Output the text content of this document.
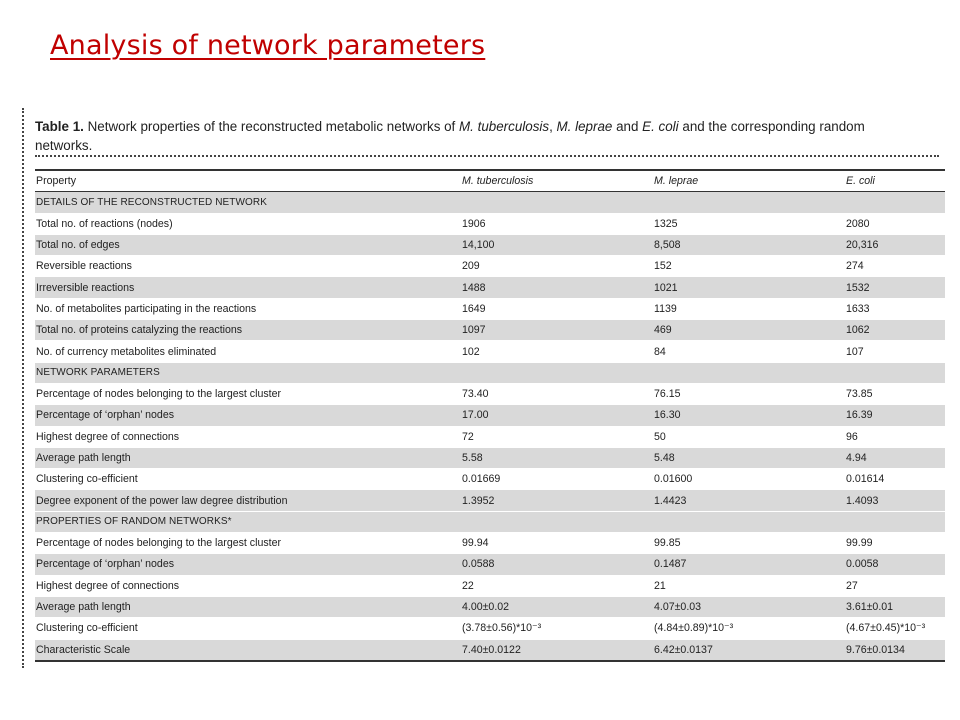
Analysis of network parameters
Table 1. Network properties of the reconstructed metabolic networks of M. tuberculosis, M. leprae and E. coli and the corresponding random networks.
Property	M. tuberculosis	M. leprae	E. coli
DETAILS OF THE RECONSTRUCTED NETWORK			
Total no. of reactions (nodes)	1906	1325	2080
Total no. of edges	14,100	8,508	20,316
Reversible reactions	209	152	274
Irreversible reactions	1488	1021	1532
No. of metabolites participating in the reactions	1649	1139	1633
Total no. of proteins catalyzing the reactions	1097	469	1062
No. of currency metabolites eliminated	102	84	107
NETWORK PARAMETERS			
Percentage of nodes belonging to the largest cluster	73.40	76.15	73.85
Percentage of ‘orphan’ nodes	17.00	16.30	16.39
Highest degree of connections	72	50	96
Average path length	5.58	5.48	4.94
Clustering co-efficient	0.01669	0.01600	0.01614
Degree exponent of the power law degree distribution	1.3952	1.4423	1.4093
PROPERTIES OF RANDOM NETWORKS*			
Percentage of nodes belonging to the largest cluster	99.94	99.85	99.99
Percentage of ‘orphan’ nodes	0.0588	0.1487	0.0058
Highest degree of connections	22	21	27
Average path length	4.00±0.02	4.07±0.03	3.61±0.01
Clustering co-efficient	(3.78±0.56)*10⁻³	(4.84±0.89)*10⁻³	(4.67±0.45)*10⁻³
Characteristic Scale	7.40±0.0122	6.42±0.0137	9.76±0.0134
